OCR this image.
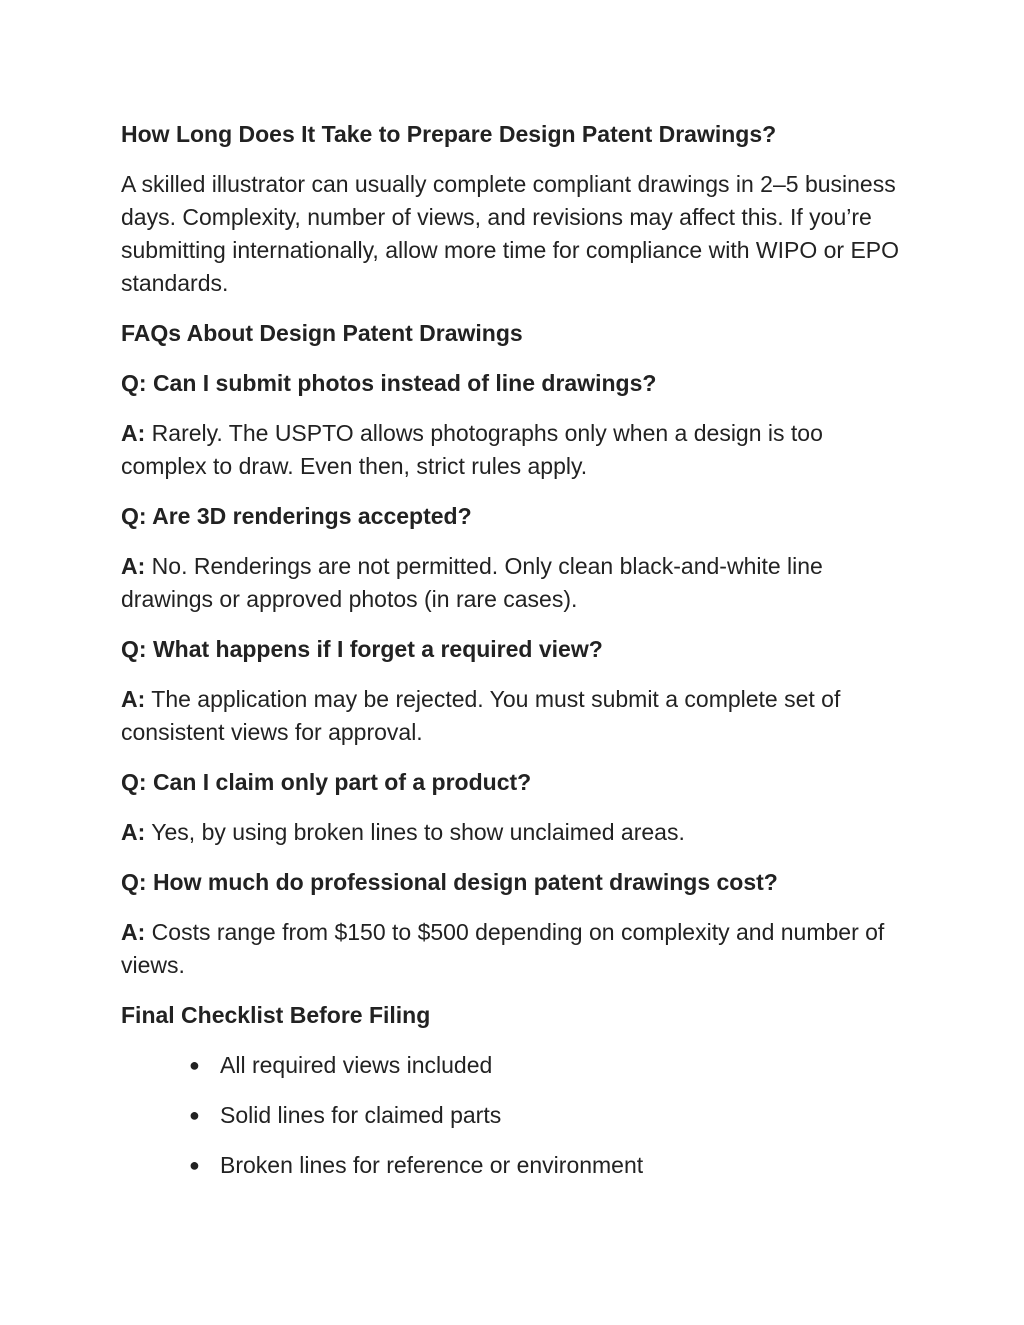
How Long Does It Take to Prepare Design Patent Drawings?
A skilled illustrator can usually complete compliant drawings in 2–5 business days. Complexity, number of views, and revisions may affect this. If you’re submitting internationally, allow more time for compliance with WIPO or EPO standards.
FAQs About Design Patent Drawings
Q: Can I submit photos instead of line drawings?
A: Rarely. The USPTO allows photographs only when a design is too complex to draw. Even then, strict rules apply.
Q: Are 3D renderings accepted?
A: No. Renderings are not permitted. Only clean black-and-white line drawings or approved photos (in rare cases).
Q: What happens if I forget a required view?
A: The application may be rejected. You must submit a complete set of consistent views for approval.
Q: Can I claim only part of a product?
A: Yes, by using broken lines to show unclaimed areas.
Q: How much do professional design patent drawings cost?
A: Costs range from $150 to $500 depending on complexity and number of views.
Final Checklist Before Filing
● All required views included
● Solid lines for claimed parts
● Broken lines for reference or environment
